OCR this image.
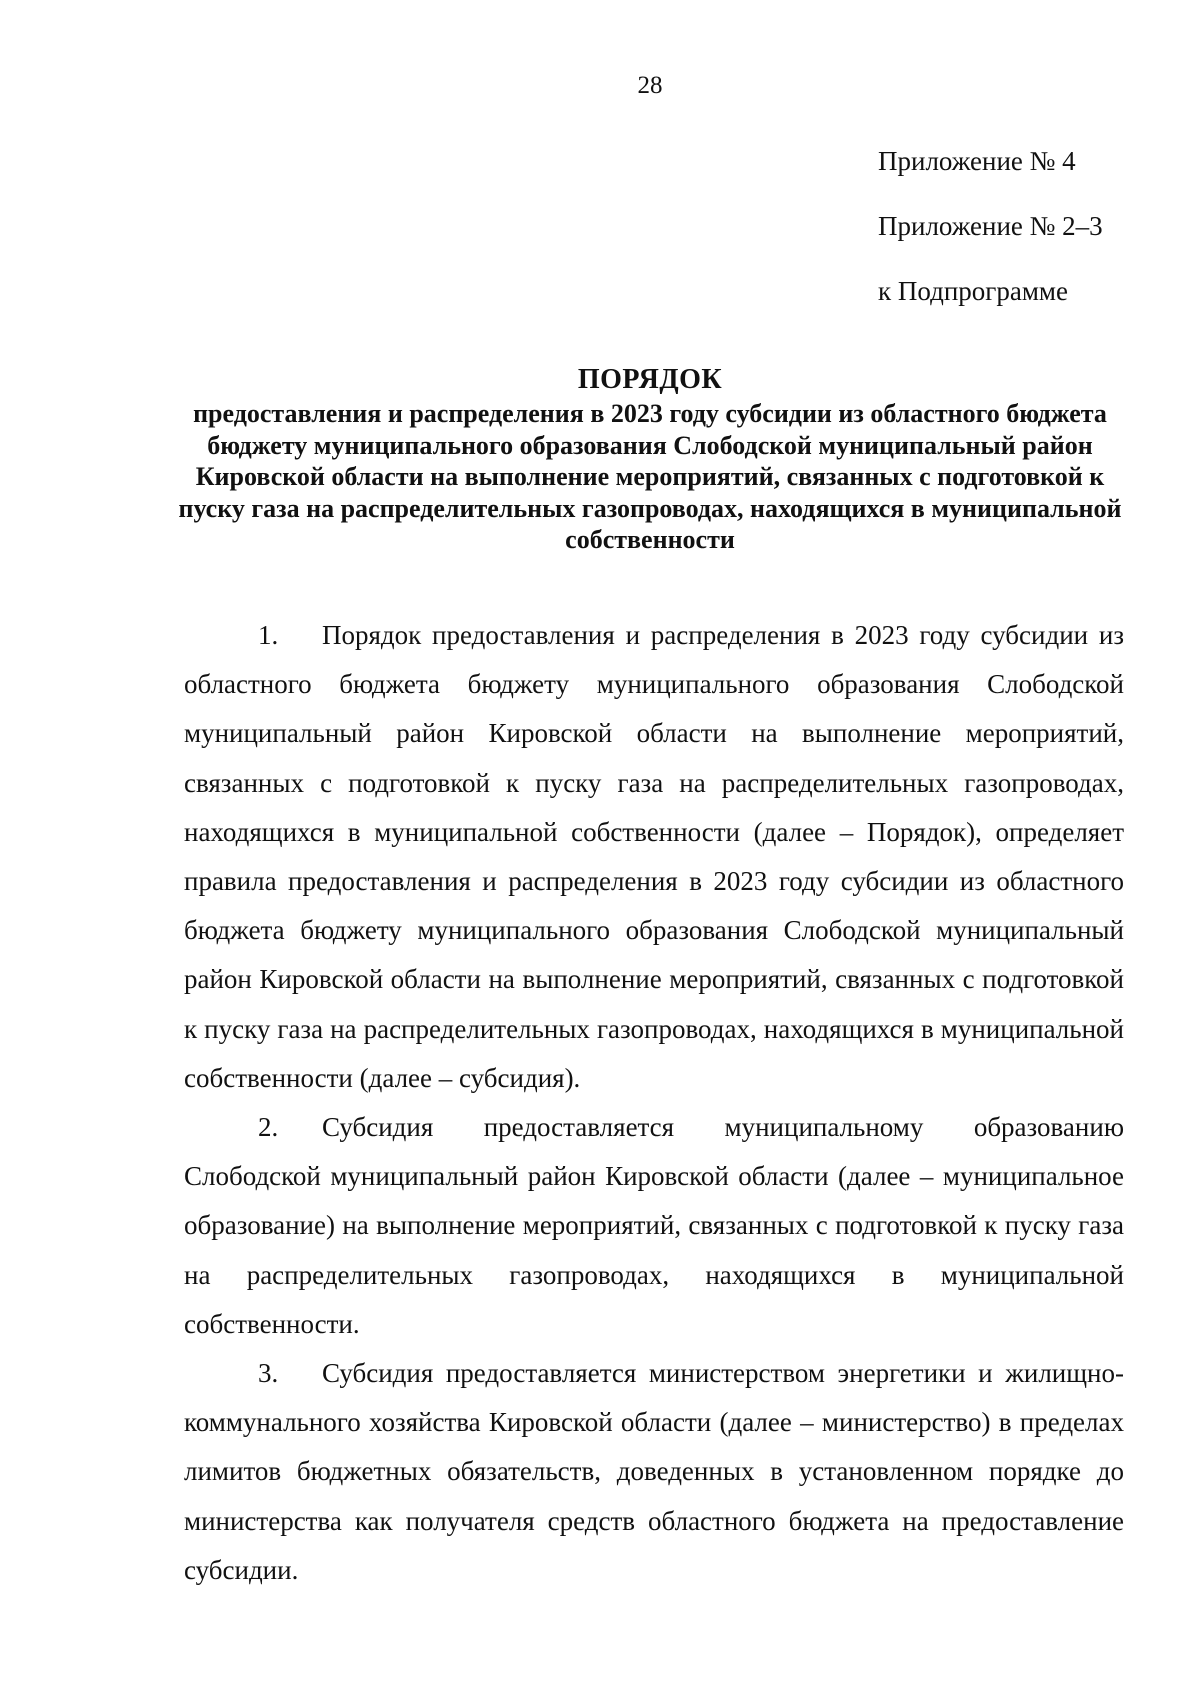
28
Приложение № 4
Приложение № 2–3
к Подпрограмме
ПОРЯДОК
предоставления и распределения в 2023 году субсидии из областного бюджета бюджету муниципального образования Слободской муниципальный район Кировской области на выполнение мероприятий, связанных с подготовкой к пуску газа на распределительных газопроводах, находящихся в муниципальной собственности

1. Порядок предоставления и распределения в 2023 году субсидии из областного бюджета бюджету муниципального образования Слободской муниципальный район Кировской области на выполнение мероприятий, связанных с подготовкой к пуску газа на распределительных газопроводах, находящихся в муниципальной собственности (далее – Порядок), определяет правила предоставления и распределения в 2023 году субсидии из областного бюджета бюджету муниципального образования Слободской муниципальный район Кировской области на выполнение мероприятий, связанных с подготовкой к пуску газа на распределительных газопроводах, находящихся в муниципальной собственности (далее – субсидия).

2. Субсидия предоставляется муниципальному образованию Слободской муниципальный район Кировской области (далее – муниципальное образование) на выполнение мероприятий, связанных с подготовкой к пуску газа на распределительных газопроводах, находящихся в муниципальной собственности.

3. Субсидия предоставляется министерством энергетики и жилищно-коммунального хозяйства Кировской области (далее – министерство) в пределах лимитов бюджетных обязательств, доведенных в установленном порядке до министерства как получателя средств областного бюджета на предоставление субсидии.
